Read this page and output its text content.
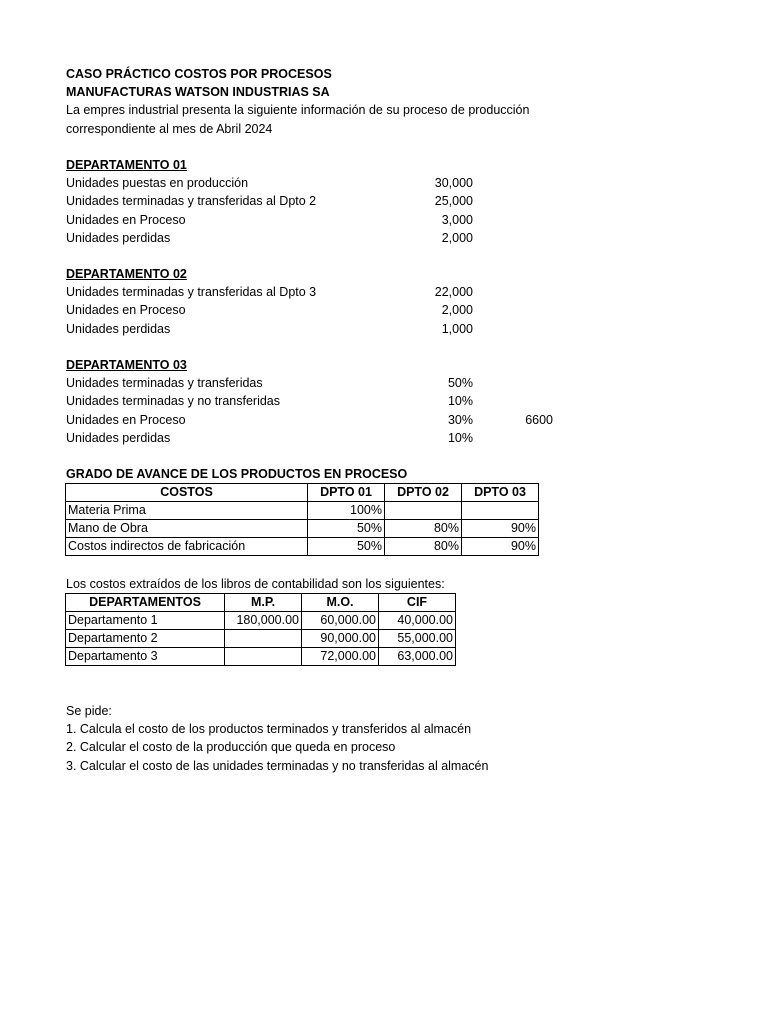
CASO PRÁCTICO COSTOS POR PROCESOS
MANUFACTURAS WATSON INDUSTRIAS SA
La empres industrial presenta la siguiente información de su proceso de producción
correspondiente al mes de Abril 2024
DEPARTAMENTO 01
Unidades puestas en producción	30,000
Unidades terminadas y transferidas al Dpto 2	25,000
Unidades en Proceso	3,000
Unidades perdidas	2,000
DEPARTAMENTO 02
Unidades terminadas y transferidas al Dpto 3	22,000
Unidades en Proceso	2,000
Unidades perdidas	1,000
DEPARTAMENTO 03
Unidades terminadas y transferidas	50%
Unidades terminadas y no transferidas	10%
Unidades en Proceso	30%	6600
Unidades perdidas	10%
GRADO DE AVANCE DE LOS PRODUCTOS EN PROCESO
COSTOS	DPTO 01	DPTO 02	DPTO 03
Materia Prima	100%		
Mano de Obra	50%	80%	90%
Costos indirectos de fabricación	50%	80%	90%
Los costos extraídos de los libros de contabilidad son los siguientes:
DEPARTAMENTOS	M.P.	M.O.	CIF
Departamento 1	180,000.00	60,000.00	40,000.00
Departamento 2		90,000.00	55,000.00
Departamento 3		72,000.00	63,000.00
Se pide:
1. Calcula el costo de los productos terminados y transferidos al almacén
2. Calcular el costo de la producción que queda en proceso
3. Calcular el costo de las unidades terminadas y no transferidas al almacén
